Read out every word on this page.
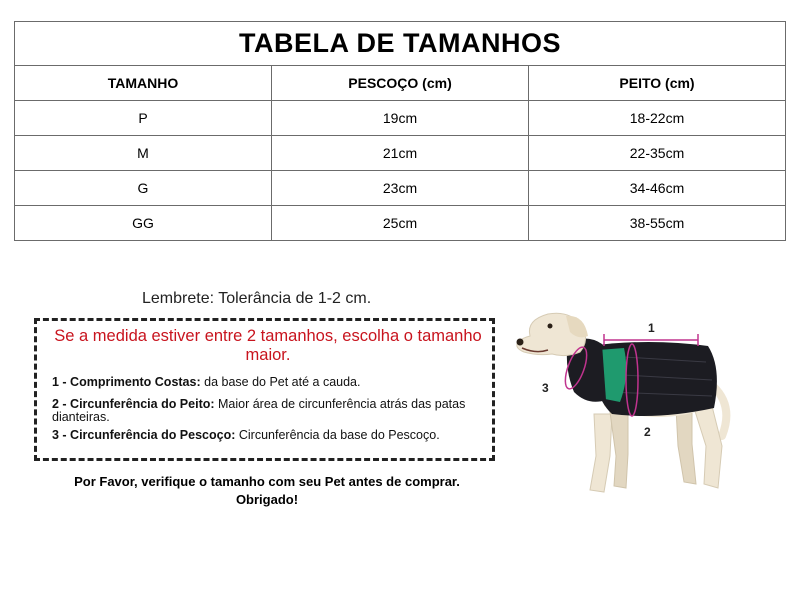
TABELA DE TAMANHOS		
TAMANHO	PESCOÇO (cm)	PEITO (cm)
P	19cm	18-22cm
M	21cm	22-35cm
G	23cm	34-46cm
GG	25cm	38-55cm
Lembrete: Tolerância de 1-2 cm.
Se a medida estiver entre 2 tamanhos, escolha o tamanho maior.
1 - Comprimento Costas: da base do Pet até a cauda.
2 - Circunferência do Peito: Maior área de circunferência atrás das patas dianteiras.
3 - Circunferência do Pescoço: Circunferência da base do Pescoço.
Por Favor, verifique o tamanho com seu Pet antes de comprar.
Obrigado!
1
2
3
